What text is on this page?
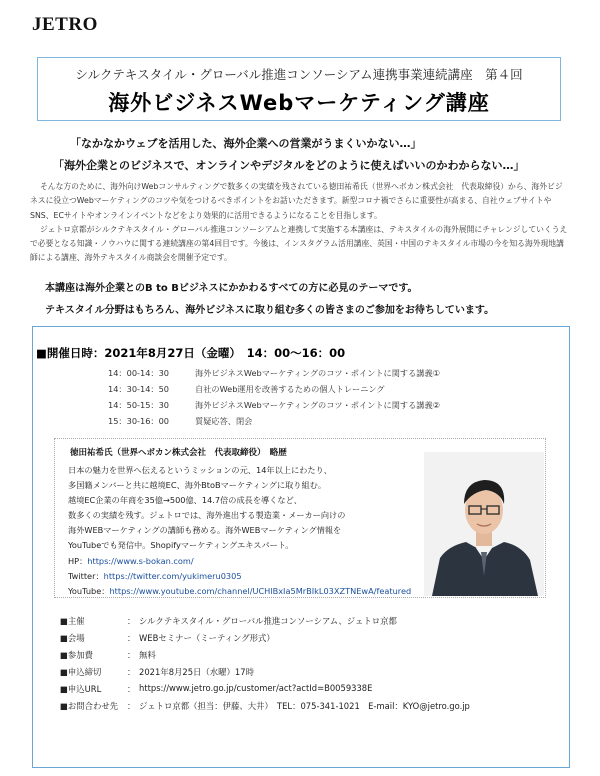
JETRO
シルクテキスタイル・グローバル推進コンソーシアム連携事業連続講座　第４回
海外ビジネスWebマーケティング講座
「なかなかウェブを活用した、海外企業への営業がうまくいかない…」
「海外企業とのビジネスで、オンラインやデジタルをどのように使えばいいのかわからない…」

そんな方のために、海外向けWebコンサルティングで数多くの実績を残されている徳田祐希氏（世界へボカン株式会社　代表取締役）から、海外ビジネスに役立つWebマーケティングのコツや気をつけるべきポイントをお話いただきます。新型コロナ禍でさらに重要性が高まる、自社ウェブサイトやSNS、ECサイトやオンラインイベントなどをより効果的に活用できるようになることを目指します。

ジェトロ京都がシルクテキスタイル・グローバル推進コンソーシアムと連携して実施する本講座は、テキスタイルの海外展開にチャレンジしていくうえで必要となる知識・ノウハウに関する連続講座の第4回目です。今後は、インスタグラム活用講座、英国・中国のテキスタイル市場の今を知る海外現地講師による講座、海外テキスタイル商談会を開催予定です。

本講座は海外企業とのB to Bビジネスにかかわるすべての方に必見のテーマです。
テキスタイル分野はもちろん、海外ビジネスに取り組む多くの皆さまのご参加をお待ちしています。
■開催日時：2021年8月27日（金曜）　14：00～16：00
14：00-14：30	海外ビジネスWebマーケティングのコツ・ポイントに関する講義①
14：30-14：50	自社のWeb運用を改善するための個人トレーニング
14：50-15：30	海外ビジネスWebマーケティングのコツ・ポイントに関する講義②
15：30-16：00	質疑応答、閉会
徳田祐希氏（世界へボカン株式会社　代表取締役）　略歴
日本の魅力を世界へ伝えるというミッションの元、14年以上にわたり、
多国籍メンバーと共に越境EC、海外BtoBマーケティングに取り組む。
越境EC企業の年商を35億→500億、14.7倍の成長を導くなど、
数多くの実績を残す。ジェトロでは、海外進出する製造業・メーカー向けの
海外WEBマーケティングの講師も務める。海外WEBマーケティング情報を
YouTubeでも発信中。Shopifyマーケティングエキスパート。
HP：https://www.s-bokan.com/
Twitter：https://twitter.com/yukimeru0305
YouTube：https://www.youtube.com/channel/UCHlBxIa5MrBIkL03XZTNEwA/featured
■主催	： シルクテキスタイル・グローバル推進コンソーシアム、ジェトロ京都
■会場	： WEBセミナー（ミーティング形式）
■参加費	： 無料
■申込締切	： 2021年8月25日（水曜）17時
■申込URL	： https://www.jetro.go.jp/customer/act?actId=B0059338E
■お問合わせ先 ： ジェトロ京都（担当：伊藤、大井）　TEL：075-341-1021　E-mail：KYO@jetro.go.jp
